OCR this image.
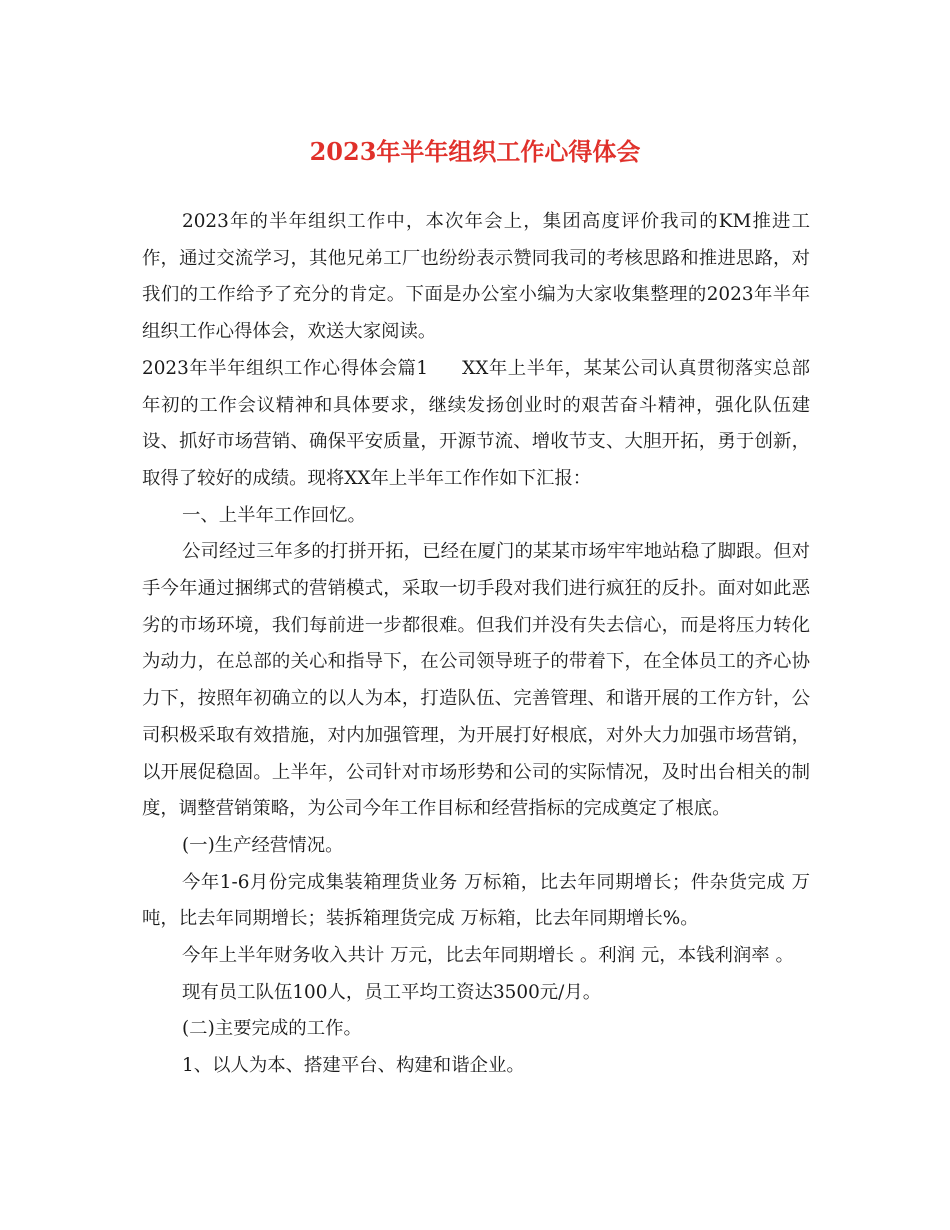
2023年半年组织工作心得体会

2023年的半年组织工作中，本次年会上，集团高度评价我司的KM推进工作，通过交流学习，其他兄弟工厂也纷纷表示赞同我司的考核思路和推进思路，对我们的工作给予了充分的肯定。下面是办公室小编为大家收集整理的2023年半年组织工作心得体会，欢送大家阅读。

2023年半年组织工作心得体会篇1 XX年上半年，某某公司认真贯彻落实总部年初的工作会议精神和具体要求，继续发扬创业时的艰苦奋斗精神，强化队伍建设、抓好市场营销、确保平安质量，开源节流、增收节支、大胆开拓，勇于创新，取得了较好的成绩。现将XX年上半年工作作如下汇报：

一、上半年工作回忆。

公司经过三年多的打拼开拓，已经在厦门的某某市场牢牢地站稳了脚跟。但对手今年通过捆绑式的营销模式，采取一切手段对我们进行疯狂的反扑。面对如此恶劣的市场环境，我们每前进一步都很难。但我们并没有失去信心，而是将压力转化为动力，在总部的关心和指导下，在公司领导班子的带着下，在全体员工的齐心协力下，按照年初确立的以人为本，打造队伍、完善管理、和谐开展的工作方针，公司积极采取有效措施，对内加强管理，为开展打好根底，对外大力加强市场营销，以开展促稳固。上半年，公司针对市场形势和公司的实际情况，及时出台相关的制度，调整营销策略，为公司今年工作目标和经营指标的完成奠定了根底。

(一)生产经营情况。

今年1-6月份完成集装箱理货业务 万标箱，比去年同期增长；件杂货完成 万吨，比去年同期增长；装拆箱理货完成 万标箱，比去年同期增长%。

今年上半年财务收入共计 万元，比去年同期增长 。利润 元，本钱利润率 。

现有员工队伍100人，员工平均工资达3500元/月。

(二)主要完成的工作。

1、以人为本、搭建平台、构建和谐企业。
